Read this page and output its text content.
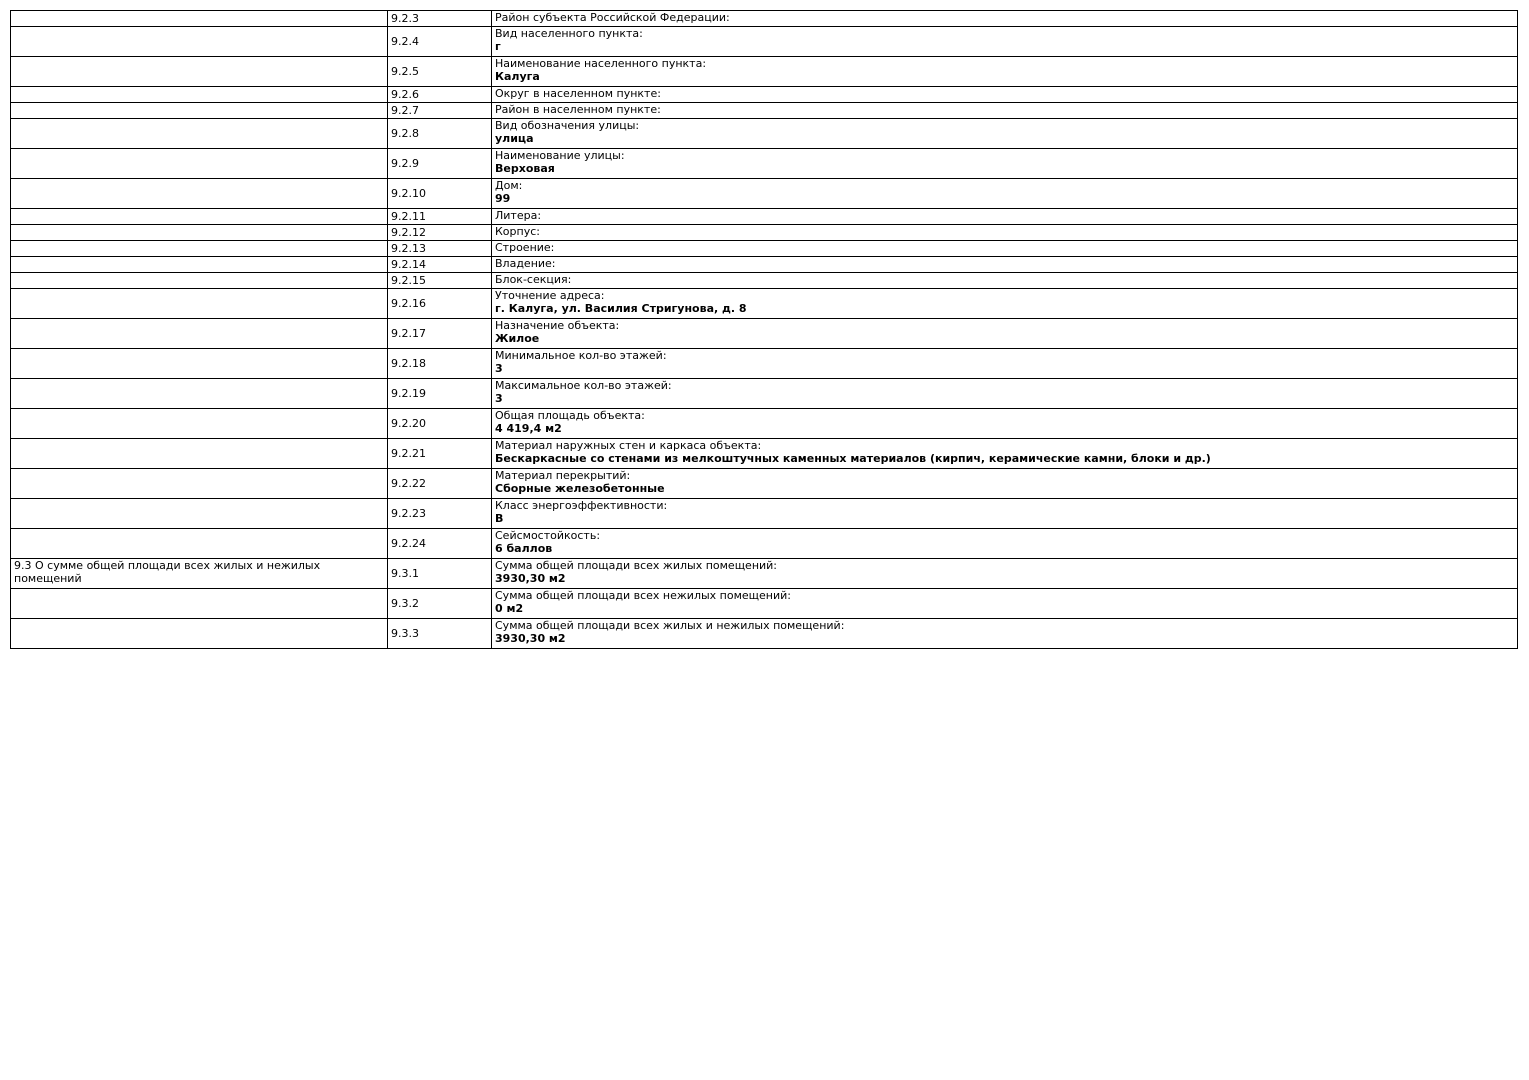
	9.2.3	Район субъекта Российской Федерации:

	9.2.4	Вид населенного пункта:
г

	9.2.5	Наименование населенного пункта:
Калуга

	9.2.6	Округ в населенном пункте:

	9.2.7	Район в населенном пункте:

	9.2.8	Вид обозначения улицы:
улица

	9.2.9	Наименование улицы:
Верховая

	9.2.10	Дом:
99

	9.2.11	Литера:

	9.2.12	Корпус:

	9.2.13	Строение:

	9.2.14	Владение:

	9.2.15	Блок-секция:

	9.2.16	Уточнение адреса:
г. Калуга, ул. Василия Стригунова, д. 8

	9.2.17	Назначение объекта:
Жилое

	9.2.18	Минимальное кол-во этажей:
3

	9.2.19	Максимальное кол-во этажей:
3

	9.2.20	Общая площадь объекта:
4 419,4 м2

	9.2.21	Материал наружных стен и каркаса объекта:
Бескаркасные со стенами из мелкоштучных каменных материалов (кирпич, керамические камни, блоки и др.)

	9.2.22	Материал перекрытий:
Сборные железобетонные

	9.2.23	Класс энергоэффективности:
В

	9.2.24	Сейсмостойкость:
6 баллов

9.3 О сумме общей площади всех жилых и нежилых помещений	9.3.1	Сумма общей площади всех жилых помещений:
3930,30 м2

	9.3.2	Сумма общей площади всех нежилых помещений:
0 м2

	9.3.3	Сумма общей площади всех жилых и нежилых помещений:
3930,30 м2
